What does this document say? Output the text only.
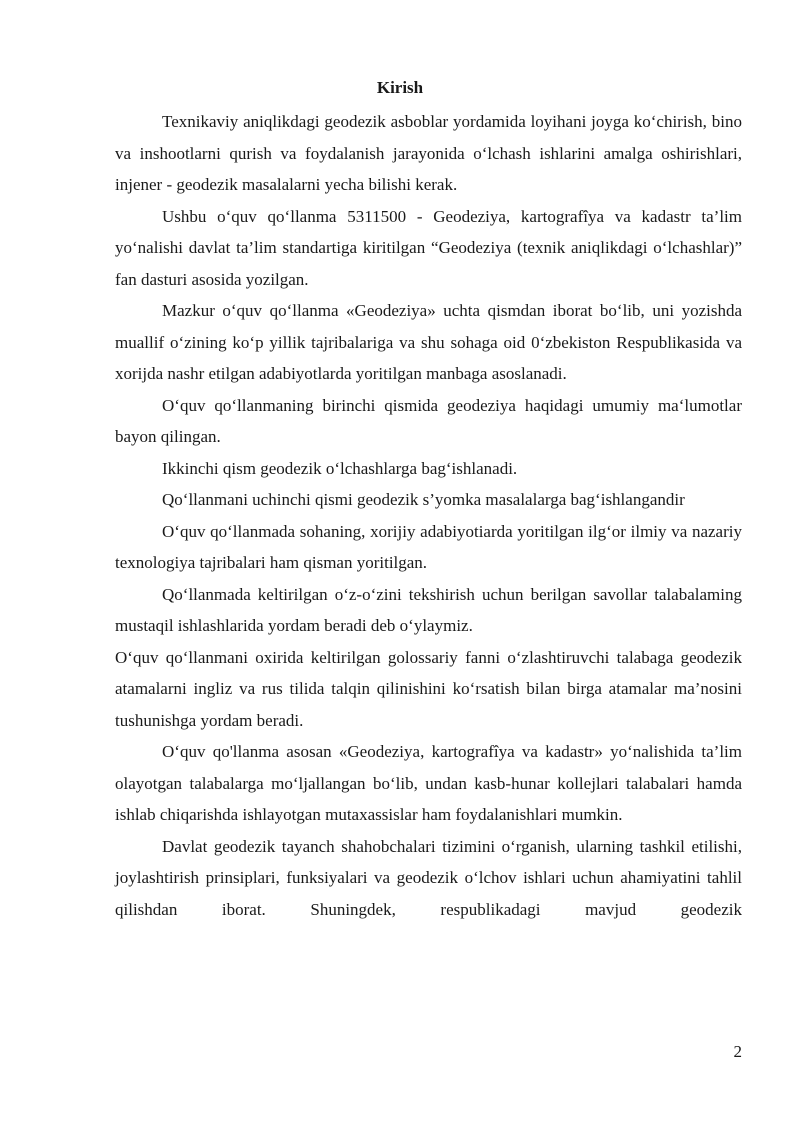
Kirish

Texnikaviy aniqlikdagi geodezik asboblar yordamida loyihani joyga ko‘chirish, bino va inshootlarni qurish va foydalanish jarayonida o‘lchash ishlarini amalga oshirishlari, injener - geodezik masalalarni yecha bilishi kerak.

Ushbu o‘quv qo‘llanma 5311500 - Geodeziya, kartografîya va kadastr ta’lim yo‘nalishi davlat ta’lim standartiga kiritilgan “Geodeziya (texnik aniqlikdagi o‘lchashlar)” fan dasturi asosida yozilgan.

Mazkur o‘quv qo‘llanma «Geodeziya» uchta qismdan iborat bo‘lib, uni yozishda muallif o‘zining ko‘p yillik tajribalariga va shu sohaga oid 0‘zbekiston Respublikasida va xorijda nashr etilgan adabiyotlarda yoritilgan manbaga asoslanadi.

O‘quv qo‘llanmaning birinchi qismida geodeziya haqidagi umumiy ma‘lumotlar bayon qilingan.

Ikkinchi qism geodezik o‘lchashlarga bag‘ishlanadi.

Qo‘llanmani uchinchi qismi geodezik s’yomka masalalarga bag‘ishlangandir

O‘quv qo‘llanmada sohaning, xorijiy adabiyotiarda yoritilgan ilg‘or ilmiy va nazariy texnologiya tajribalari ham qisman yoritilgan.

Qo‘llanmada keltirilgan o‘z-o‘zini tekshirish uchun berilgan savollar talabalaming mustaqil ishlashlarida yordam beradi deb o‘ylaymiz.

O‘quv qo‘llanmani oxirida keltirilgan golossariy fanni o‘zlashtiruvchi talabaga geodezik atamalarni ingliz va rus tilida talqin qilinishini ko‘rsatish bilan birga atamalar ma’nosini tushunishga yordam beradi.

O‘quv qo'llanma asosan «Geodeziya, kartografîya va kadastr» yo‘nalishida ta’lim olayotgan talabalarga mo‘ljallangan bo‘lib, undan kasb-hunar kollejlari talabalari hamda ishlab chiqarishda ishlayotgan mutaxassislar ham foydalanishlari mumkin.

Davlat geodezik tayanch shahobchalari tizimini o‘rganish, ularning tashkil etilishi, joylashtirish prinsiplari, funksiyalari va geodezik o‘lchov ishlari uchun ahamiyatini tahlil qilishdan iborat. Shuningdek, respublikadagi mavjud geodezik

2
